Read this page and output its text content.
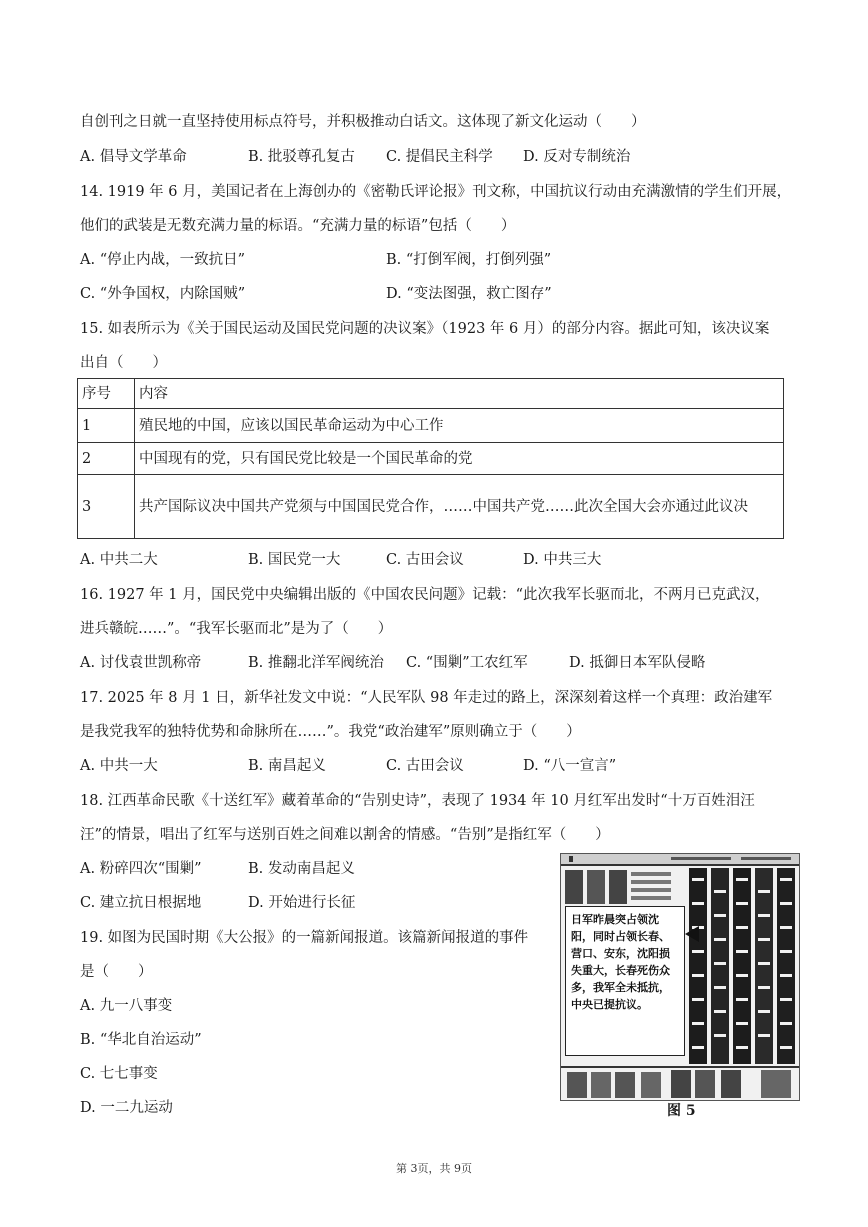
自创刊之日就一直坚持使用标点符号，并积极推动白话文。这体现了新文化运动（　　）
A. 倡导文学革命	B. 批驳尊孔复古 C. 提倡民主科学 D. 反对专制统治
14. 1919 年 6 月，美国记者在上海创办的《密勒氏评论报》刊文称，中国抗议行动由充满激情的学生们开展，
他们的武装是无数充满力量的标语。“充满力量的标语”包括（　　）
A. “停止内战，一致抗日”	B. “打倒军阀，打倒列强”
C. “外争国权，内除国贼”	D. “变法图强，救亡图存”
15. 如表所示为《关于国民运动及国民党问题的决议案》（1923 年 6 月）的部分内容。据此可知，该决议案
出自（　　）
序号	内容
1	殖民地的中国，应该以国民革命运动为中心工作
2	中国现有的党，只有国民党比较是一个国民革命的党
3	共产国际议决中国共产党须与中国国民党合作，……中国共产党……此次全国大会亦通过此议决
A. 中共二大	B. 国民党一大	C. 古田会议	D. 中共三大
16. 1927 年 1 月，国民党中央编辑出版的《中国农民问题》记载：“此次我军长驱而北，不两月已克武汉，
进兵赣皖……”。“我军长驱而北”是为了（　　）
A. 讨伐袁世凯称帝	B. 推翻北洋军阀统治 C. “围剿”工农红军	D. 抵御日本军队侵略
17. 2025 年 8 月 1 日，新华社发文中说：“人民军队 98 年走过的路上，深深刻着这样一个真理：政治建军
是我党我军的独特优势和命脉所在……”。我党“政治建军”原则确立于（　　）
A. 中共一大	B. 南昌起义	C. 古田会议	D. “八一宣言”
18. 江西革命民歌《十送红军》藏着革命的“告别史诗”，表现了 1934 年 10 月红军出发时“十万百姓泪汪
汪”的情景，唱出了红军与送别百姓之间难以割舍的情感。“告别”是指红军（　　）
A. 粉碎四次“围剿”	B. 发动南昌起义
C. 建立抗日根据地	D. 开始进行长征
19. 如图为民国时期《大公报》的一篇新闻报道。该篇新闻报道的事件
是（　　）
A. 九一八事变
B. “华北自治运动”
C. 七七事变
D. 一二九运动
日军昨晨突占领沈阳，同时占领长春、营口、安东，沈阳损失重大，长春死伤众多，我军全未抵抗，中央已提抗议。
图 5
第 3页，共 9页
